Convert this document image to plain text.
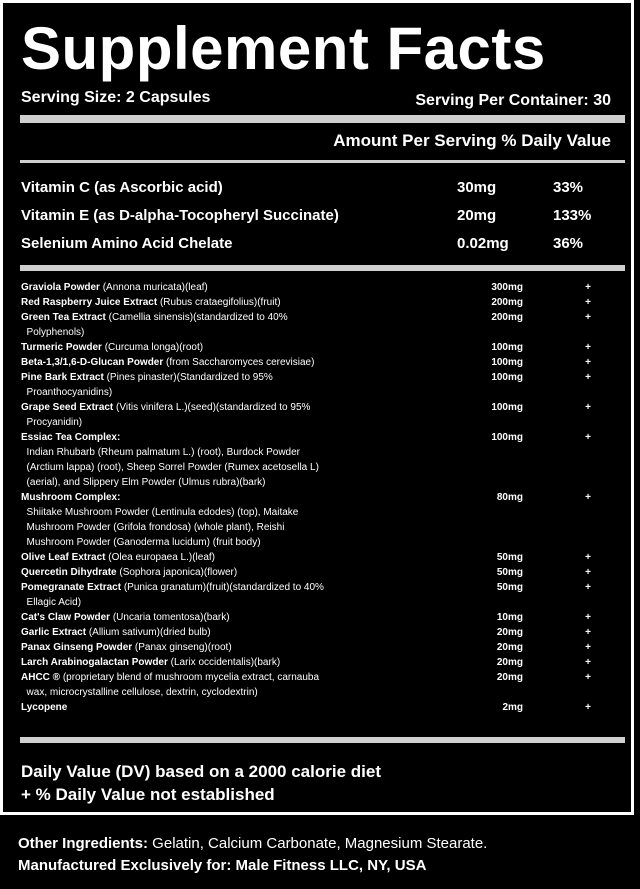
Supplement Facts
Serving Size: 2 Capsules	Serving Per Container: 30
Amount Per Serving % Daily Value
Vitamin C (as Ascorbic acid)	30mg	33%
Vitamin E (as D-alpha-Tocopheryl Succinate)	20mg	133%
Selenium Amino Acid Chelate	0.02mg	36%
Graviola Powder (Annona muricata)(leaf)	300mg	+
Red Raspberry Juice Extract (Rubus crataegifolius)(fruit)	200mg	+
Green Tea Extract (Camellia sinensis)(standardized to 40%	200mg	+
Polyphenols)
Turmeric Powder (Curcuma longa)(root)	100mg	+
Beta-1,3/1,6-D-Glucan Powder (from Saccharomyces cerevisiae)	100mg	+
Pine Bark Extract (Pines pinaster)(Standardized to 95%	100mg	+
Proanthocyanidins)
Grape Seed Extract (Vitis vinifera L.)(seed)(standardized to 95%	100mg	+
Procyanidin)
Essiac Tea Complex:	100mg	+
Indian Rhubarb (Rheum palmatum L.) (root), Burdock Powder
(Arctium lappa) (root), Sheep Sorrel Powder (Rumex acetosella L)
(aerial), and Slippery Elm Powder (Ulmus rubra)(bark)
Mushroom Complex:	80mg	+
Shiitake Mushroom Powder (Lentinula edodes) (top), Maitake
Mushroom Powder (Grifola frondosa) (whole plant), Reishi
Mushroom Powder (Ganoderma lucidum) (fruit body)
Olive Leaf Extract (Olea europaea L.)(leaf)	50mg	+
Quercetin Dihydrate (Sophora japonica)(flower)	50mg	+
Pomegranate Extract (Punica granatum)(fruit)(standardized to 40%	50mg	+
Ellagic Acid)
Cat's Claw Powder (Uncaria tomentosa)(bark)	10mg	+
Garlic Extract (Allium sativum)(dried bulb)	20mg	+
Panax Ginseng Powder (Panax ginseng)(root)	20mg	+
Larch Arabinogalactan Powder (Larix occidentalis)(bark)	20mg	+
AHCC ® (proprietary blend of mushroom mycelia extract, carnauba	20mg	+
wax, microcrystalline cellulose, dextrin, cyclodextrin)
Lycopene	2mg	+
Daily Value (DV) based on a 2000 calorie diet
+ % Daily Value not established
Other Ingredients: Gelatin, Calcium Carbonate, Magnesium Stearate.
Manufactured Exclusively for: Male Fitness LLC, NY, USA
